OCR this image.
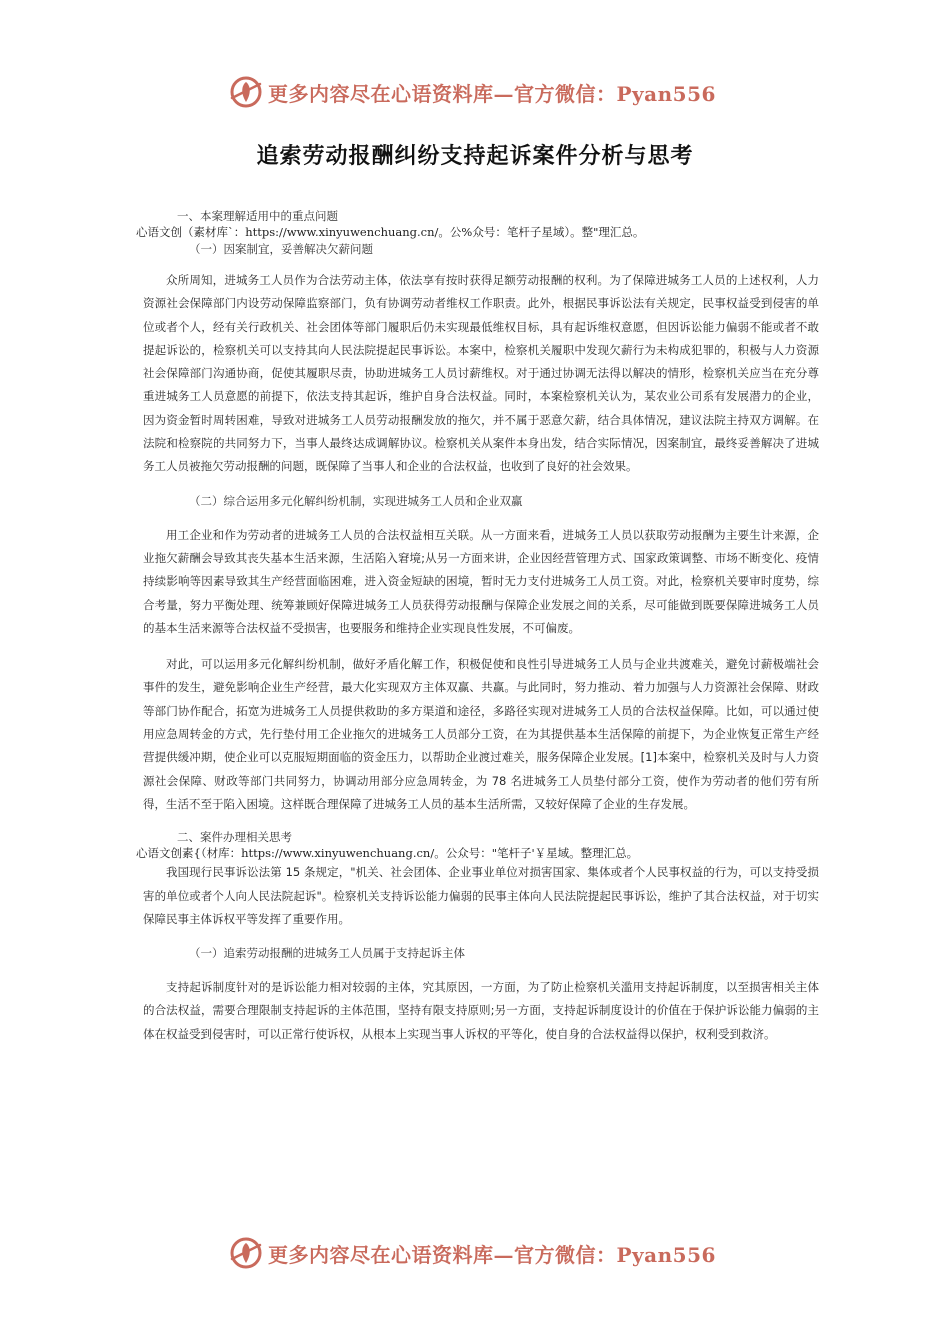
更多内容尽在心语资料库—官方微信：Pyan556
追索劳动报酬纠纷支持起诉案件分析与思考
一、本案理解适用中的重点问题
心语文创（素材库`：https://www.xinyuwenchuang.cn/。公%众号：笔杆子星域）。整"理汇总。
（一）因案制宜，妥善解决欠薪问题

众所周知，进城务工人员作为合法劳动主体，依法享有按时获得足额劳动报酬的权利。为了保障进城务工人员的上述权利，人力资源社会保障部门内设劳动保障监察部门，负有协调劳动者维权工作职责。此外，根据民事诉讼法有关规定，民事权益受到侵害的单位或者个人，经有关行政机关、社会团体等部门履职后仍未实现最低维权目标，具有起诉维权意愿，但因诉讼能力偏弱不能或者不敢提起诉讼的，检察机关可以支持其向人民法院提起民事诉讼。本案中，检察机关履职中发现欠薪行为未构成犯罪的，积极与人力资源社会保障部门沟通协商，促使其履职尽责，协助进城务工人员讨薪维权。对于通过协调无法得以解决的情形，检察机关应当在充分尊重进城务工人员意愿的前提下，依法支持其起诉，维护自身合法权益。同时，本案检察机关认为，某农业公司系有发展潜力的企业，因为资金暂时周转困难，导致对进城务工人员劳动报酬发放的拖欠，并不属于恶意欠薪，结合具体情况，建议法院主持双方调解。在法院和检察院的共同努力下，当事人最终达成调解协议。检察机关从案件本身出发，结合实际情况，因案制宜，最终妥善解决了进城务工人员被拖欠劳动报酬的问题，既保障了当事人和企业的合法权益，也收到了良好的社会效果。

（二）综合运用多元化解纠纷机制，实现进城务工人员和企业双赢

用工企业和作为劳动者的进城务工人员的合法权益相互关联。从一方面来看，进城务工人员以获取劳动报酬为主要生计来源，企业拖欠薪酬会导致其丧失基本生活来源，生活陷入窘境;从另一方面来讲，企业因经营管理方式、国家政策调整、市场不断变化、疫情持续影响等因素导致其生产经营面临困难，进入资金短缺的困境，暂时无力支付进城务工人员工资。对此，检察机关要审时度势，综合考量，努力平衡处理、统筹兼顾好保障进城务工人员获得劳动报酬与保障企业发展之间的关系，尽可能做到既要保障进城务工人员的基本生活来源等合法权益不受损害，也要服务和维持企业实现良性发展，不可偏废。

对此，可以运用多元化解纠纷机制，做好矛盾化解工作，积极促使和良性引导进城务工人员与企业共渡难关，避免讨薪极端社会事件的发生，避免影响企业生产经营，最大化实现双方主体双赢、共赢。与此同时，努力推动、着力加强与人力资源社会保障、财政等部门协作配合，拓宽为进城务工人员提供救助的多方渠道和途径，多路径实现对进城务工人员的合法权益保障。比如，可以通过使用应急周转金的方式，先行垫付用工企业拖欠的进城务工人员部分工资，在为其提供基本生活保障的前提下，为企业恢复正常生产经营提供缓冲期，使企业可以克服短期面临的资金压力，以帮助企业渡过难关，服务保障企业发展。[1]本案中，检察机关及时与人力资源社会保障、财政等部门共同努力，协调动用部分应急周转金，为 78 名进城务工人员垫付部分工资，使作为劳动者的他们劳有所得，生活不至于陷入困境。这样既合理保障了进城务工人员的基本生活所需，又较好保障了企业的生存发展。

二、案件办理相关思考
心语文创素{（材库：https://www.xinyuwenchuang.cn/。公众号："笔杆子'￥星域。整理汇总。

我国现行民事诉讼法第 15 条规定，"机关、社会团体、企业事业单位对损害国家、集体或者个人民事权益的行为，可以支持受损害的单位或者个人向人民法院起诉"。检察机关支持诉讼能力偏弱的民事主体向人民法院提起民事诉讼，维护了其合法权益，对于切实保障民事主体诉权平等发挥了重要作用。

（一）追索劳动报酬的进城务工人员属于支持起诉主体

支持起诉制度针对的是诉讼能力相对较弱的主体，究其原因，一方面，为了防止检察机关滥用支持起诉制度，以至损害相关主体的合法权益，需要合理限制支持起诉的主体范围，坚持有限支持原则;另一方面，支持起诉制度设计的价值在于保护诉讼能力偏弱的主体在权益受到侵害时，可以正常行使诉权，从根本上实现当事人诉权的平等化，使自身的合法权益得以保护，权利受到救济。

更多内容尽在心语资料库—官方微信：Pyan556
